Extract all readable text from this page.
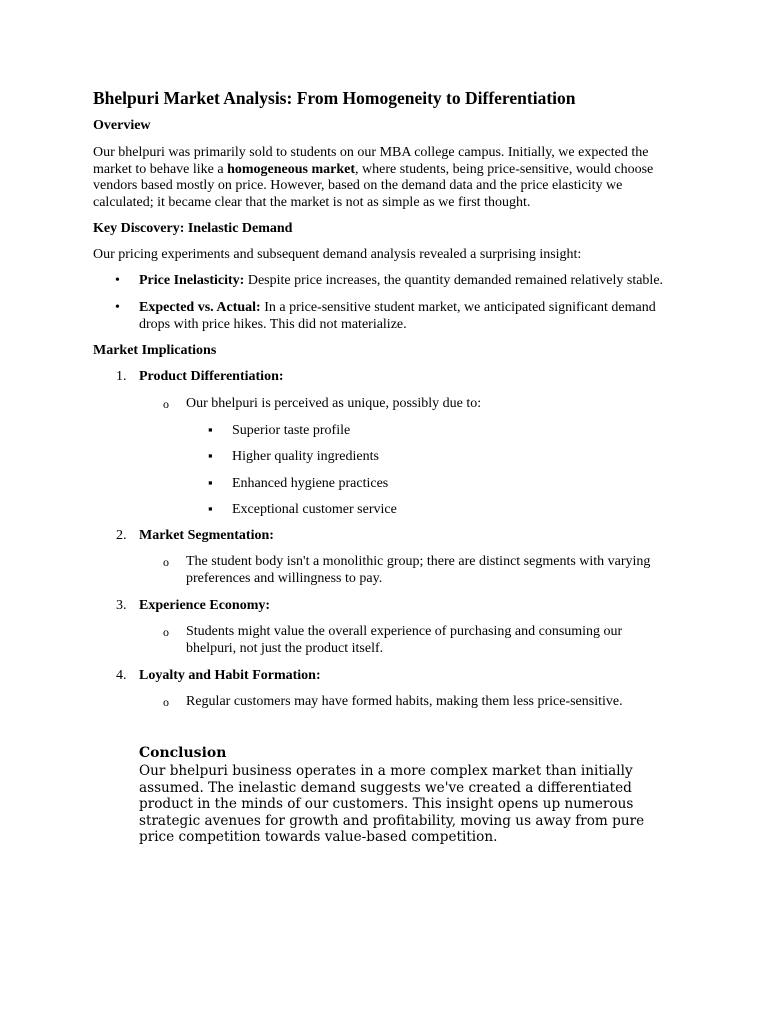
Bhelpuri Market Analysis: From Homogeneity to Differentiation
Overview
Our bhelpuri was primarily sold to students on our MBA college campus. Initially, we expected the market to behave like a homogeneous market, where students, being price-sensitive, would choose vendors based mostly on price. However, based on the demand data and the price elasticity we calculated; it became clear that the market is not as simple as we first thought.
Key Discovery: Inelastic Demand
Our pricing experiments and subsequent demand analysis revealed a surprising insight:
• Price Inelasticity: Despite price increases, the quantity demanded remained relatively stable.
• Expected vs. Actual: In a price-sensitive student market, we anticipated significant demand drops with price hikes. This did not materialize.
Market Implications
1. Product Differentiation:
o Our bhelpuri is perceived as unique, possibly due to:
▪ Superior taste profile
▪ Higher quality ingredients
▪ Enhanced hygiene practices
▪ Exceptional customer service
2. Market Segmentation:
o The student body isn't a monolithic group; there are distinct segments with varying preferences and willingness to pay.
3. Experience Economy:
o Students might value the overall experience of purchasing and consuming our bhelpuri, not just the product itself.
4. Loyalty and Habit Formation:
o Regular customers may have formed habits, making them less price-sensitive.
Conclusion
Our bhelpuri business operates in a more complex market than initially assumed. The inelastic demand suggests we've created a differentiated product in the minds of our customers. This insight opens up numerous strategic avenues for growth and profitability, moving us away from pure price competition towards value-based competition.
